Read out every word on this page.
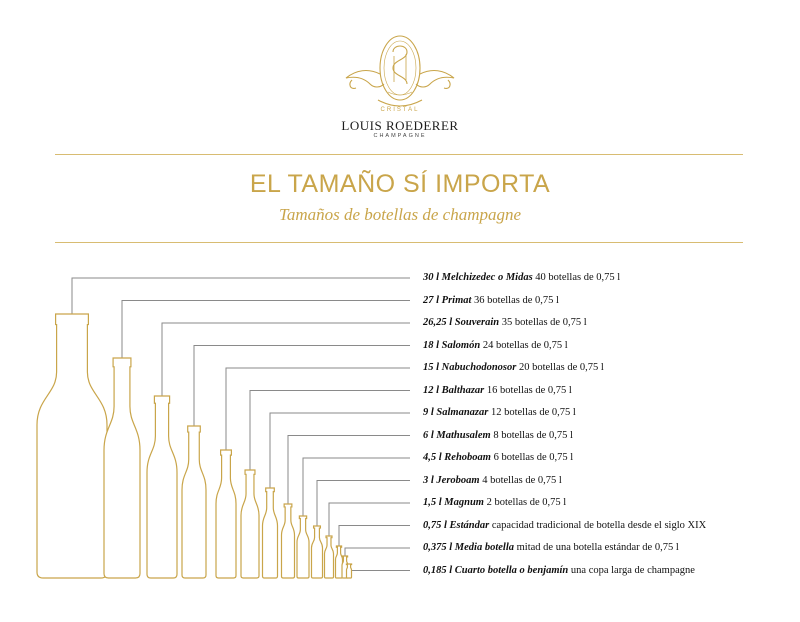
CRISTAL
LOUIS ROEDERER
CHAMPAGNE
EL TAMAÑO SÍ IMPORTA
Tamaños de botellas de champagne
30 l Melchizedec o Midas 40 botellas de 0,75 l
27 l Primat 36 botellas de 0,75 l
26,25 l Souverain 35 botellas de 0,75 l
18 l Salomón 24 botellas de 0,75 l
15 l Nabuchodonosor 20 botellas de 0,75 l
12 l Balthazar 16 botellas de 0,75 l
9 l Salmanazar 12 botellas de 0,75 l
6 l Mathusalem 8 botellas de 0,75 l
4,5 l Rehoboam 6 botellas de 0,75 l
3 l Jeroboam 4 botellas de 0,75 l
1,5 l Magnum 2 botellas de 0,75 l
0,75 l Estándar capacidad tradicional de botella desde el siglo XIX
0,375 l Media botella mitad de una botella estándar de 0,75 l
0,185 l Cuarto botella o benjamín una copa larga de champagne
